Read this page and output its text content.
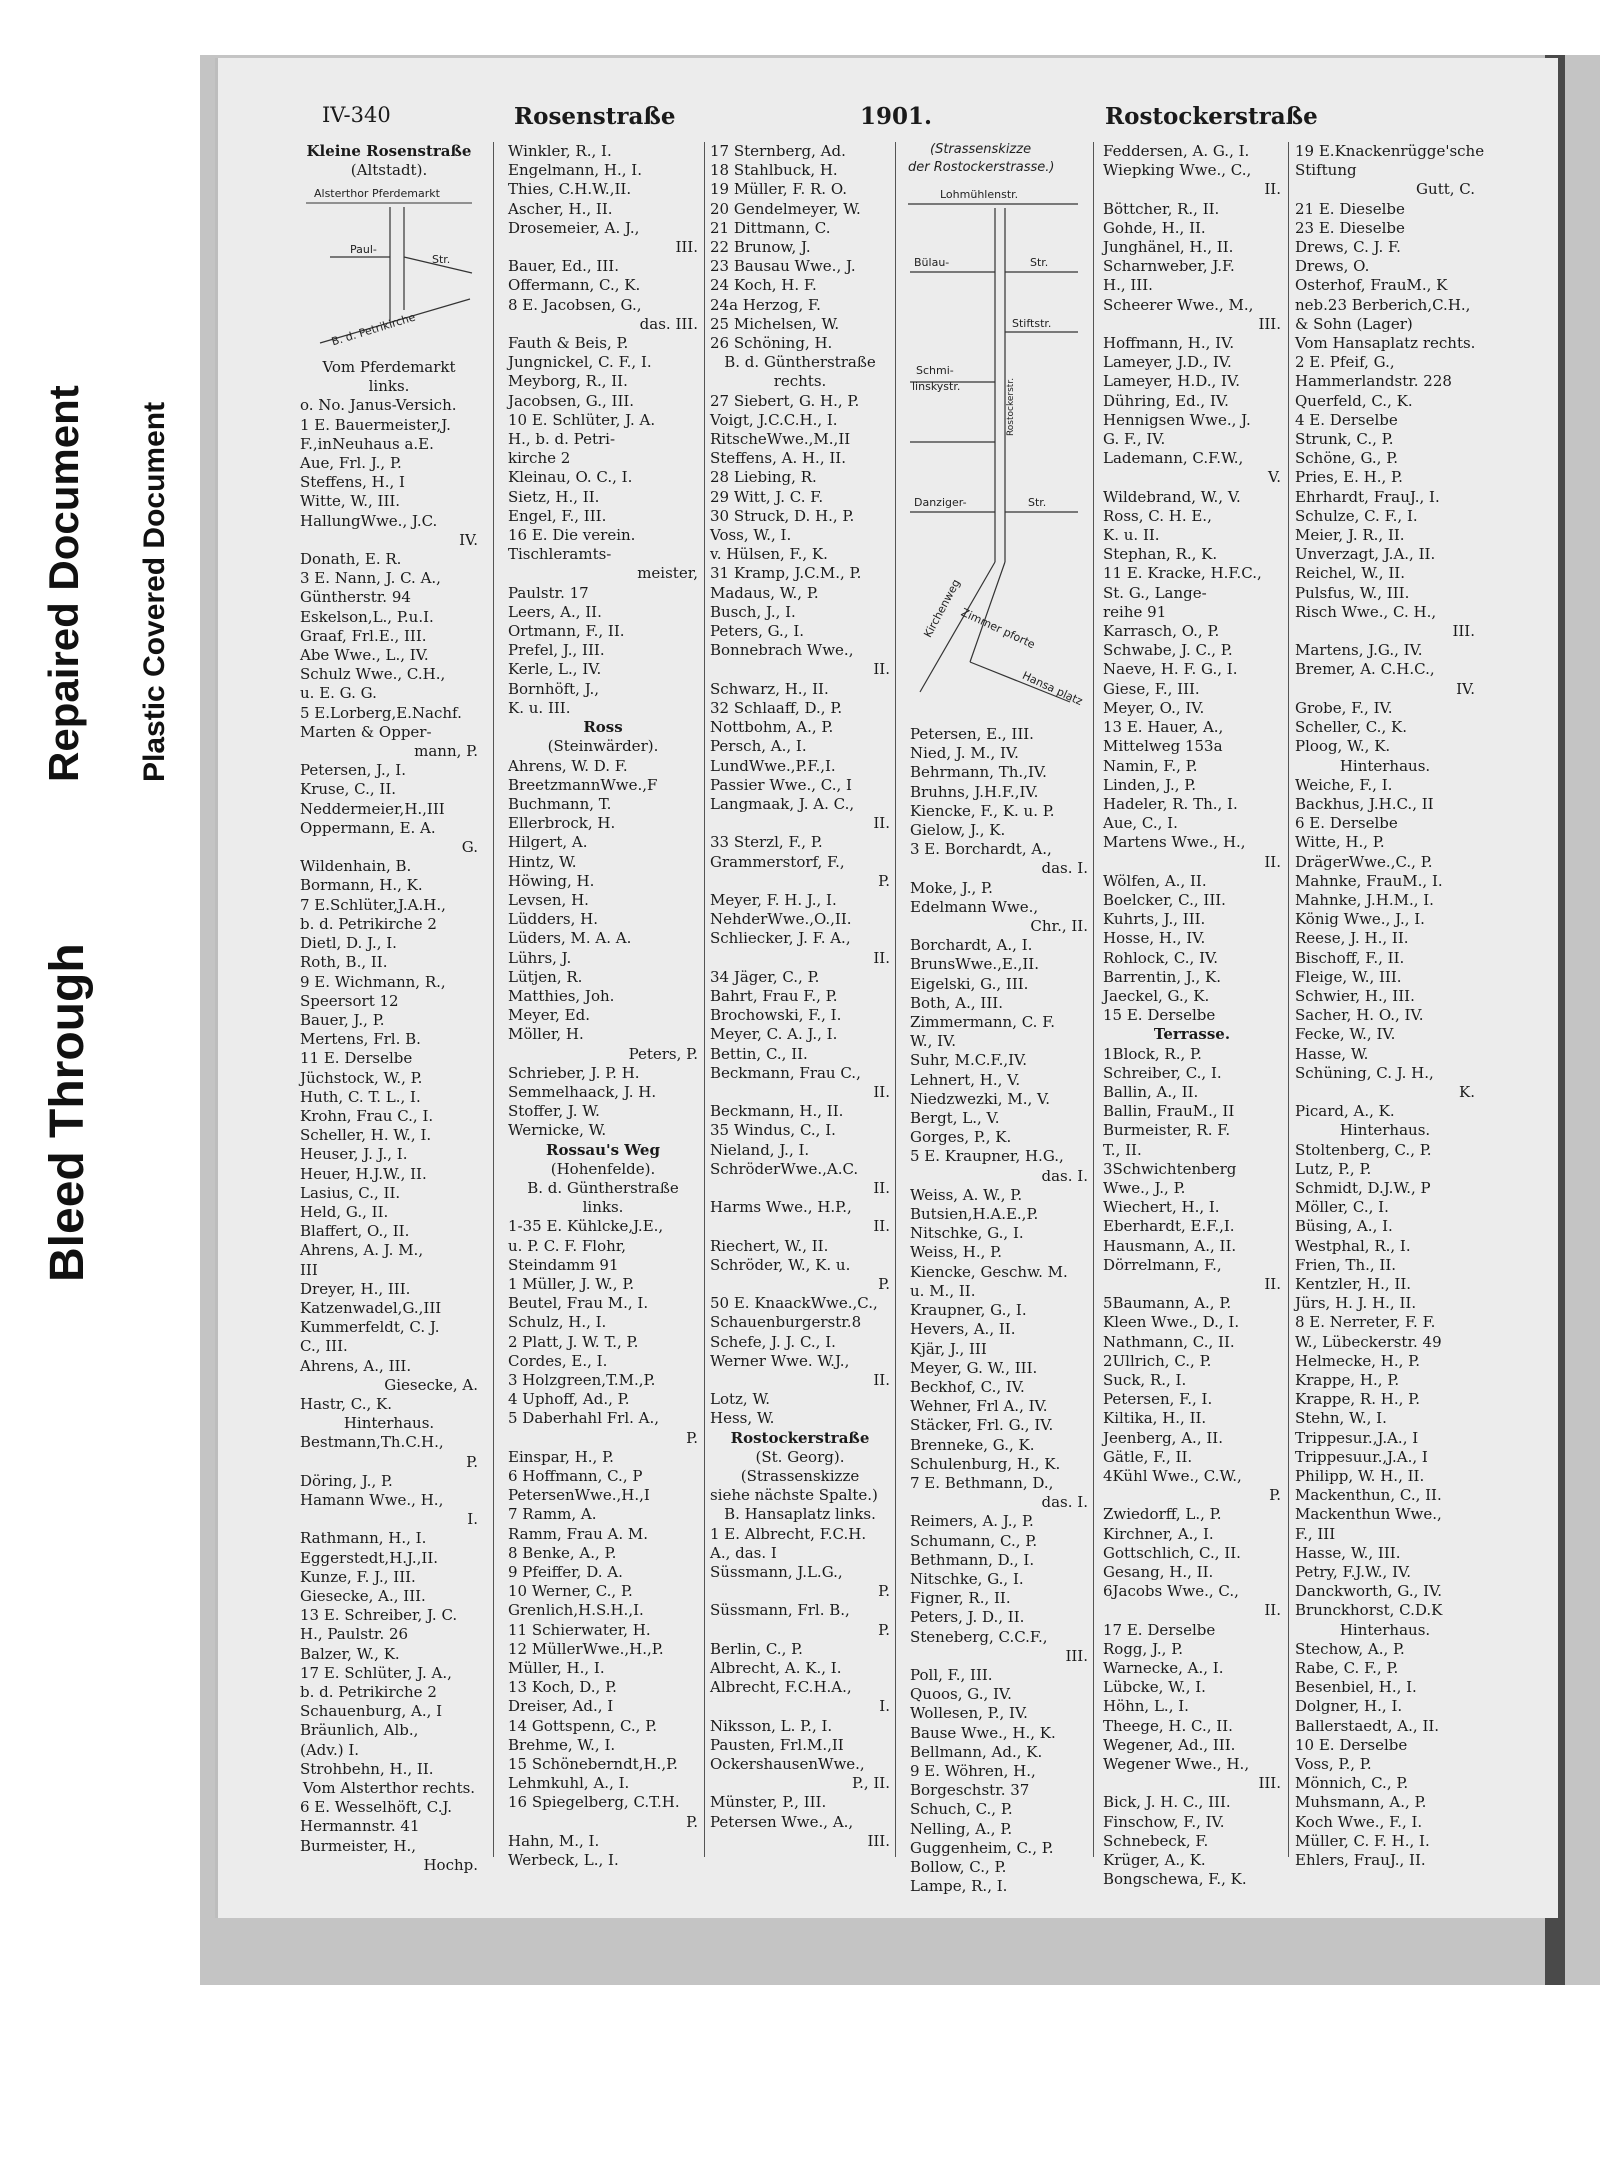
Bleed Through
Repaired Document Plastic Covered Document
IV-340	Rosenstraße	1901.	Rostockerstraße
Kleine Rosenstraße
(Altstadt).
Alsterthor Pferdemarkt
Paul-
Str.
B. d. Petrikirche
Vom Pferdemarkt
links.
o. No. Janus-Versich.
1 E. Bauermeister,J.
F.,inNeuhaus a.E.
Aue, Frl. J., P.
Steffens, H., I
Witte, W., III.
HallungWwe., J.C.
IV.
Donath, E. R.
3 E. Nann, J. C. A.,
Güntherstr. 94
Eskelson,L., P.u.I.
Graaf, Frl.E., III.
Abe Wwe., L., IV.
Schulz Wwe., C.H.,
u. E. G. G.
5 E.Lorberg,E.Nachf.
Marten & Opper-
mann, P.
Petersen, J., I.
Kruse, C., II.
Neddermeier,H.,III
Oppermann, E. A.
G.
Wildenhain, B.
Bormann, H., K.
7 E.Schlüter,J.A.H.,
b. d. Petrikirche 2
Dietl, D. J., I.
Roth, B., II.
9 E. Wichmann, R.,
Speersort 12
Bauer, J., P.
Mertens, Frl. B.
11 E. Derselbe
Jüchstock, W., P.
Huth, C. T. L., I.
Krohn, Frau C., I.
Scheller, H. W., I.
Heuser, J. J., I.
Heuer, H.J.W., II.
Lasius, C., II.
Held, G., II.
Blaffert, O., II.
Ahrens, A. J. M.,
III
Dreyer, H., III.
Katzenwadel,G.,III
Kummerfeldt, C. J.
C., III.
Ahrens, A., III.
Giesecke, A.
Hastr, C., K.
Hinterhaus.
Bestmann,Th.C.H.,
P.
Döring, J., P.
Hamann Wwe., H.,
I.
Rathmann, H., I.
Eggerstedt,H.J.,II.
Kunze, F. J., III.
Giesecke, A., III.
13 E. Schreiber, J. C.
H., Paulstr. 26
Balzer, W., K.
17 E. Schlüter, J. A.,
b. d. Petrikirche 2
Schauenburg, A., I
Bräunlich, Alb.,
(Adv.) I.
Strohbehn, H., II.
Vom Alsterthor rechts.
6 E. Wesselhöft, C.J.
Hermannstr. 41
Burmeister, H.,
Hochp.
Winkler, R., I.
Engelmann, H., I.
Thies, C.H.W.,II.
Ascher, H., II.
Drosemeier, A. J.,
III.
Bauer, Ed., III.
Offermann, C., K.
8 E. Jacobsen, G.,
das. III.
Fauth & Beis, P.
Jungnickel, C. F., I.
Meyborg, R., II.
Jacobsen, G., III.
10 E. Schlüter, J. A.
H., b. d. Petri-
kirche 2
Kleinau, O. C., I.
Sietz, H., II.
Engel, F., III.
16 E. Die verein.
Tischleramts-
meister,
Paulstr. 17
Leers, A., II.
Ortmann, F., II.
Prefel, J., III.
Kerle, L., IV.
Bornhöft, J.,
K. u. III.
Ross
(Steinwärder).
Ahrens, W. D. F.
BreetzmannWwe.,F
Buchmann, T.
Ellerbrock, H.
Hilgert, A.
Hintz, W.
Höwing, H.
Levsen, H.
Lüdders, H.
Lüders, M. A. A.
Lührs, J.
Lütjen, R.
Matthies, Joh.
Meyer, Ed.
Möller, H.
Peters, P.
Schrieber, J. P. H.
Semmelhaack, J. H.
Stoffer, J. W.
Wernicke, W.
Rossau's Weg
(Hohenfelde).
B. d. Güntherstraße
links.
1-35 E. Kühlcke,J.E.,
u. P. C. F. Flohr,
Steindamm 91
1 Müller, J. W., P.
Beutel, Frau M., I.
Schulz, H., I.
2 Platt, J. W. T., P.
Cordes, E., I.
3 Holzgreen,T.M.,P.
4 Uphoff, Ad., P.
5 Daberhahl Frl. A.,
P.
Einspar, H., P.
6 Hoffmann, C., P
PetersenWwe.,H.,I
7 Ramm, A.
Ramm, Frau A. M.
8 Benke, A., P.
9 Pfeiffer, D. A.
10 Werner, C., P.
Grenlich,H.S.H.,I.
11 Schierwater, H.
12 MüllerWwe.,H.,P.
Müller, H., I.
13 Koch, D., P.
Dreiser, Ad., I
14 Gottspenn, C., P.
Brehme, W., I.
15 Schöneberndt,H.,P.
Lehmkuhl, A., I.
16 Spiegelberg, C.T.H.
P.
Hahn, M., I.
Werbeck, L., I.
17 Sternberg, Ad.
18 Stahlbuck, H.
19 Müller, F. R. O.
20 Gendelmeyer, W.
21 Dittmann, C.
22 Brunow, J.
23 Bausau Wwe., J.
24 Koch, H. F.
24a Herzog, F.
25 Michelsen, W.
26 Schöning, H.
B. d. Güntherstraße
rechts.
27 Siebert, G. H., P.
Voigt, J.C.C.H., I.
RitscheWwe.,M.,II
Steffens, A. H., II.
28 Liebing, R.
29 Witt, J. C. F.
30 Struck, D. H., P.
Voss, W., I.
v. Hülsen, F., K.
31 Kramp, J.C.M., P.
Madaus, W., P.
Busch, J., I.
Peters, G., I.
Bonnebrach Wwe.,
II.
Schwarz, H., II.
32 Schlaaff, D., P.
Nottbohm, A., P.
Persch, A., I.
LundWwe.,P.F.,I.
Passier Wwe., C., I
Langmaak, J. A. C.,
II.
33 Sterzl, F., P.
Grammerstorf, F.,
P.
Meyer, F. H. J., I.
NehderWwe.,O.,II.
Schliecker, J. F. A.,
II.
34 Jäger, C., P.
Bahrt, Frau F., P.
Brochowski, F., I.
Meyer, C. A. J., I.
Bettin, C., II.
Beckmann, Frau C.,
II.
Beckmann, H., II.
35 Windus, C., I.
Nieland, J., I.
SchröderWwe.,A.C.
II.
Harms Wwe., H.P.,
II.
Riechert, W., II.
Schröder, W., K. u.
P.
50 E. KnaackWwe.,C.,
Schauenburgerstr.8
Schefe, J. J. C., I.
Werner Wwe. W.J.,
II.
Lotz, W.
Hess, W.
Rostockerstraße
(St. Georg).
(Strassenskizze
siehe nächste Spalte.)
B. Hansaplatz links.
1 E. Albrecht, F.C.H.
A., das. I
Süssmann, J.L.G.,
P.
Süssmann, Frl. B.,
P.
Berlin, C., P.
Albrecht, A. K., I.
Albrecht, F.C.H.A.,
I.
Niksson, L. P., I.
Pausten, Frl.M.,II
OckershausenWwe.,
P., II.
Münster, P., III.
Petersen Wwe., A.,
III.
(Strassenskizze
der Rostockerstrasse.)
Lohmühlenstr.
Bülau-	Str.
Stiftstr.
Schmi-
linskystr.
Danziger-	Str.
Kirchenweg
Zimmer pforte
Hansa platz
Rostockerstr.
Petersen, E., III.
Nied, J. M., IV.
Behrmann, Th.,IV.
Bruhns, J.H.F.,IV.
Kiencke, F., K. u. P.
Gielow, J., K.
3 E. Borchardt, A.,
das. I.
Moke, J., P.
Edelmann Wwe.,
Chr., II.
Borchardt, A., I.
BrunsWwe.,E.,II.
Eigelski, G., III.
Both, A., III.
Zimmermann, C. F.
W., IV.
Suhr, M.C.F.,IV.
Lehnert, H., V.
Niedzwezki, M., V.
Bergt, L., V.
Gorges, P., K.
5 E. Kraupner, H.G.,
das. I.
Weiss, A. W., P.
Butsien,H.A.E.,P.
Nitschke, G., I.
Weiss, H., P.
Kiencke, Geschw. M.
u. M., II.
Kraupner, G., I.
Hevers, A., II.
Kjär, J., III
Meyer, G. W., III.
Beckhof, C., IV.
Wehner, Frl A., IV.
Stäcker, Frl. G., IV.
Brenneke, G., K.
Schulenburg, H., K.
7 E. Bethmann, D.,
das. I.
Reimers, A. J., P.
Schumann, C., P.
Bethmann, D., I.
Nitschke, G., I.
Figner, R., II.
Peters, J. D., II.
Steneberg, C.C.F.,
III.
Poll, F., III.
Quoos, G., IV.
Wollesen, P., IV.
Bause Wwe., H., K.
Bellmann, Ad., K.
9 E. Wöhren, H.,
Borgeschstr. 37
Schuch, C., P.
Nelling, A., P.
Guggenheim, C., P.
Bollow, C., P.
Lampe, R., I.
Feddersen, A. G., I.
Wiepking Wwe., C.,
II.
Böttcher, R., II.
Gohde, H., II.
Junghänel, H., II.
Scharnweber, J.F.
H., III.
Scheerer Wwe., M.,
III.
Hoffmann, H., IV.
Lameyer, J.D., IV.
Lameyer, H.D., IV.
Dühring, Ed., IV.
Hennigsen Wwe., J.
G. F., IV.
Lademann, C.F.W.,
V.
Wildebrand, W., V.
Ross, C. H. E.,
K. u. II.
Stephan, R., K.
11 E. Kracke, H.F.C.,
St. G., Lange-
reihe 91
Karrasch, O., P.
Schwabe, J. C., P.
Naeve, H. F. G., I.
Giese, F., III.
Meyer, O., IV.
13 E. Hauer, A.,
Mittelweg 153a
Namin, F., P.
Linden, J., P.
Hadeler, R. Th., I.
Aue, C., I.
Martens Wwe., H.,
II.
Wölfen, A., II.
Boelcker, C., III.
Kuhrts, J., III.
Hosse, H., IV.
Rohlock, C., IV.
Barrentin, J., K.
Jaeckel, G., K.
15 E. Derselbe
Terrasse.
1Block, R., P.
Schreiber, C., I.
Ballin, A., II.
Ballin, FrauM., II
Burmeister, R. F.
T., II.
3Schwichtenberg
Wwe., J., P.
Wiechert, H., I.
Eberhardt, E.F.,I.
Hausmann, A., II.
Dörrelmann, F.,
II.
5Baumann, A., P.
Kleen Wwe., D., I.
Nathmann, C., II.
2Ullrich, C., P.
Suck, R., I.
Petersen, F., I.
Kiltika, H., II.
Jeenberg, A., II.
Gätle, F., II.
4Kühl Wwe., C.W.,
P.
Zwiedorff, L., P.
Kirchner, A., I.
Gottschlich, C., II.
Gesang, H., II.
6Jacobs Wwe., C.,
II.
17 E. Derselbe
Rogg, J., P.
Warnecke, A., I.
Lübcke, W., I.
Höhn, L., I.
Theege, H. C., II.
Wegener, Ad., III.
Wegener Wwe., H.,
III.
Bick, J. H. C., III.
Finschow, F., IV.
Schnebeck, F.
Krüger, A., K.
Bongschewa, F., K.
19 E.Knackenrügge'sche
Stiftung
Gutt, C.
21 E. Dieselbe
23 E. Dieselbe
Drews, C. J. F.
Drews, O.
Osterhof, FrauM., K
neb.23 Berberich,C.H.,
& Sohn (Lager)
Vom Hansaplatz rechts.
2 E. Pfeif, G.,
Hammerlandstr. 228
Querfeld, C., K.
4 E. Derselbe
Strunk, C., P.
Schöne, G., P.
Pries, E. H., P.
Ehrhardt, FrauJ., I.
Schulze, C. F., I.
Meier, J. R., II.
Unverzagt, J.A., II.
Reichel, W., II.
Pulsfus, W., III.
Risch Wwe., C. H.,
III.
Martens, J.G., IV.
Bremer, A. C.H.C.,
IV.
Grobe, F., IV.
Scheller, C., K.
Ploog, W., K.
Hinterhaus.
Weiche, F., I.
Backhus, J.H.C., II
6 E. Derselbe
Witte, H., P.
DrägerWwe.,C., P.
Mahnke, FrauM., I.
Mahnke, J.H.M., I.
König Wwe., J., I.
Reese, J. H., II.
Bischoff, F., II.
Fleige, W., III.
Schwier, H., III.
Sacher, H. O., IV.
Fecke, W., IV.
Hasse, W.
Schüning, C. J. H.,
K.
Picard, A., K.
Hinterhaus.
Stoltenberg, C., P.
Lutz, P., P.
Schmidt, D.J.W., P
Möller, C., I.
Büsing, A., I.
Westphal, R., I.
Frien, Th., II.
Kentzler, H., II.
Jürs, H. J. H., II.
8 E. Nerreter, F. F.
W., Lübeckerstr. 49
Helmecke, H., P.
Krappe, H., P.
Krappe, R. H., P.
Stehn, W., I.
Trippesur.,J.A., I
Trippesuur.,J.A., I
Philipp, W. H., II.
Mackenthun, C., II.
Mackenthun Wwe.,
F., III
Hasse, W., III.
Petry, F.J.W., IV.
Danckworth, G., IV.
Brunckhorst, C.D.K
Hinterhaus.
Stechow, A., P.
Rabe, C. F., P.
Besenbiel, H., I.
Dolgner, H., I.
Ballerstaedt, A., II.
10 E. Derselbe
Voss, P., P.
Mönnich, C., P.
Muhsmann, A., P.
Koch Wwe., F., I.
Müller, C. F. H., I.
Ehlers, FrauJ., II.
